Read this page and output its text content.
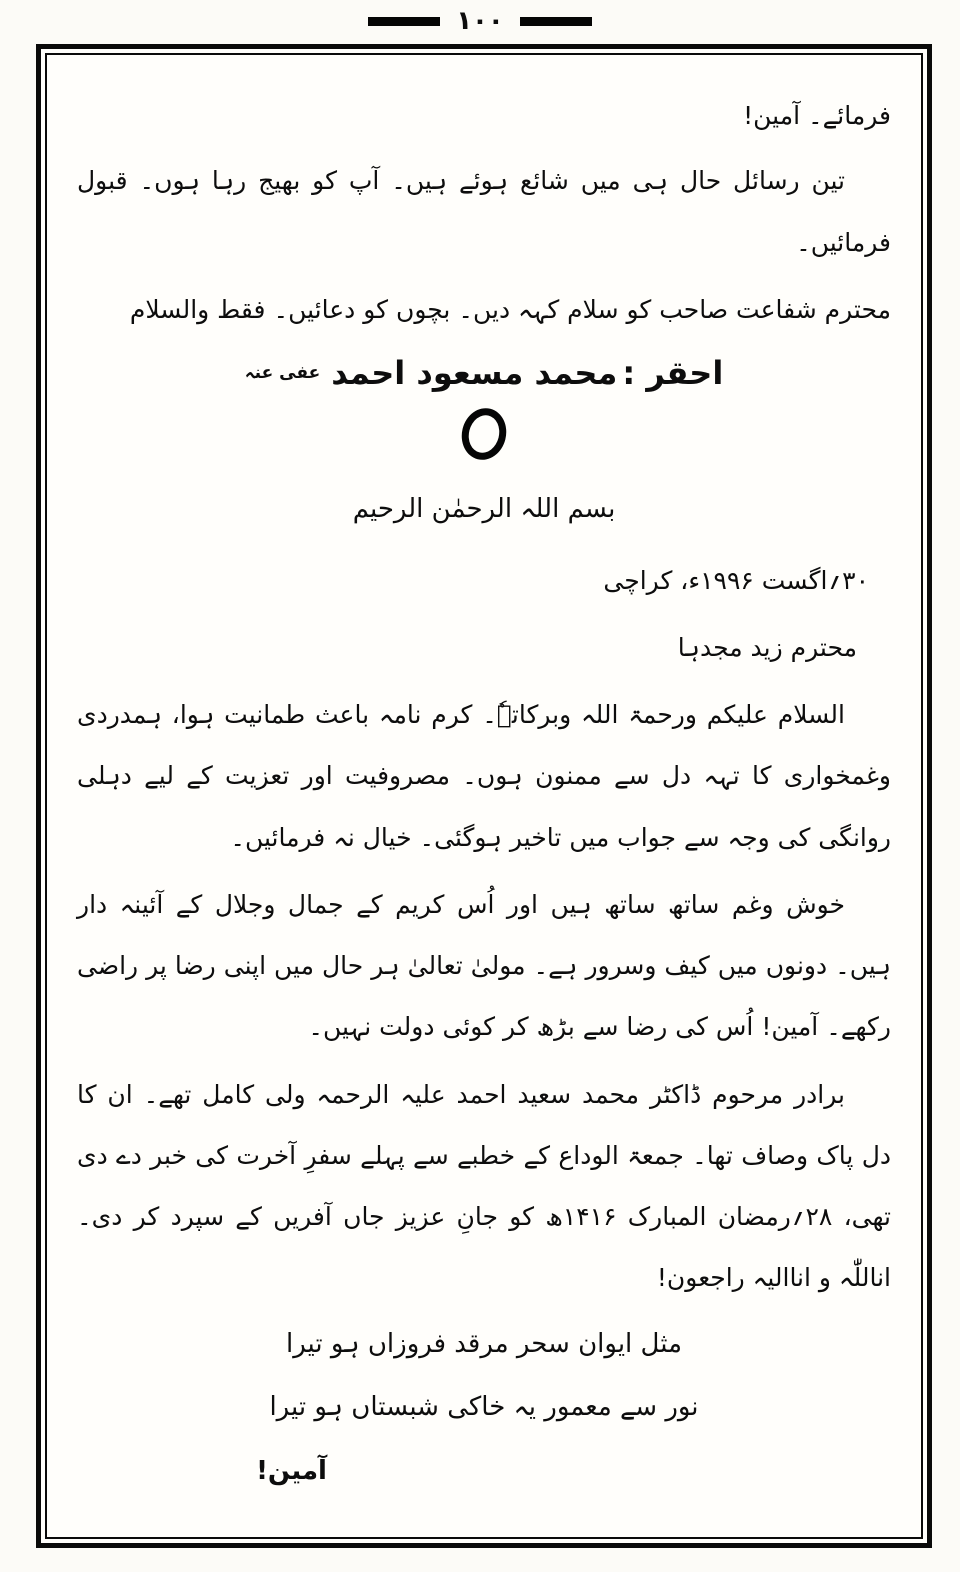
۱۰۰
فرمائے۔ آمین!
تین رسائل حال ہی میں شائع ہوئے ہیں۔ آپ کو بھیج رہا ہوں۔ قبول فرمائیں۔
محترم شفاعت صاحب کو سلام کہہ دیں۔ بچوں کو دعائیں۔ فقط والسلام
احقر : محمد مسعود احمد عفی عنہ
بسم اللہ الرحمٰن الرحیم
۳۰؍اگست ۱۹۹۶ء، کراچی
محترم زید مجدہا
السلام علیکم ورحمۃ اللہ وبرکاتہٗ۔ کرم نامہ باعث طمانیت ہوا، ہمدردی وغمخواری کا تہہ دل سے ممنون ہوں۔ مصروفیت اور تعزیت کے لیے دہلی روانگی کی وجہ سے جواب میں تاخیر ہوگئی۔ خیال نہ فرمائیں۔
خوش وغم ساتھ ساتھ ہیں اور اُس کریم کے جمال وجلال کے آئینہ دار ہیں۔ دونوں میں کیف وسرور ہے۔ مولیٰ تعالیٰ ہر حال میں اپنی رضا پر راضی رکھے۔ آمین! اُس کی رضا سے بڑھ کر کوئی دولت نہیں۔
برادر مرحوم ڈاکٹر محمد سعید احمد علیہ الرحمہ ولی کامل تھے۔ ان کا دل پاک وصاف تھا۔ جمعۃ الوداع کے خطبے سے پہلے سفرِ آخرت کی خبر دے دی تھی، ۲۸؍رمضان المبارک ۱۴۱۶ھ کو جانِ عزیز جاں آفریں کے سپرد کر دی۔ اناللّٰہ و اناالیہ راجعون!
مثل ایوان سحر مرقد فروزاں ہو تیرا
نور سے معمور یہ خاکی شبستاں ہو تیرا
آمین!
